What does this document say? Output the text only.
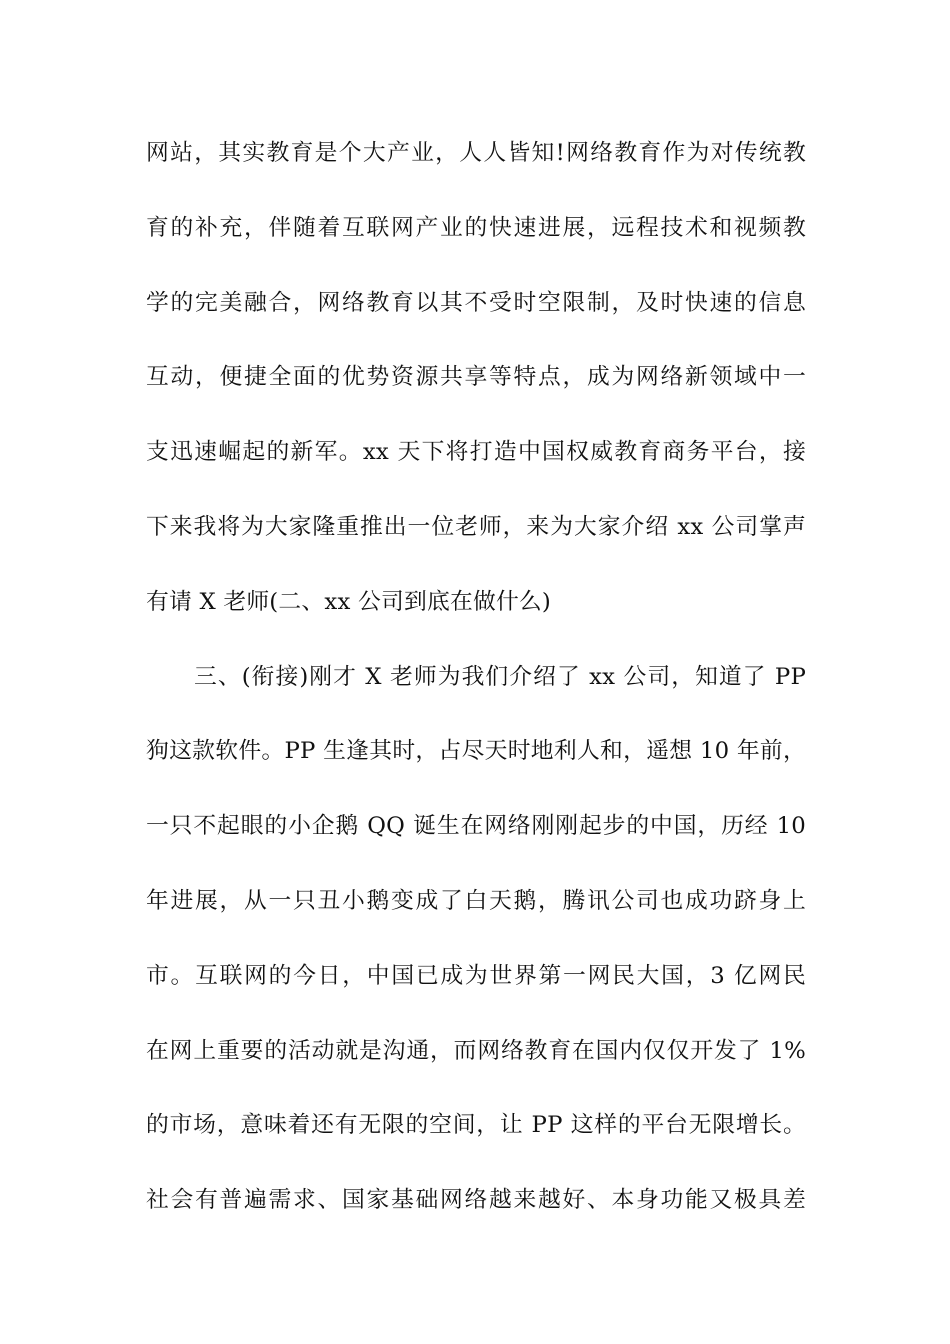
网站，其实教育是个大产业，人人皆知!网络教育作为对传统教
育的补充，伴随着互联网产业的快速进展，远程技术和视频教
学的完美融合，网络教育以其不受时空限制，及时快速的信息
互动，便捷全面的优势资源共享等特点，成为网络新领域中一
支迅速崛起的新军。xx 天下将打造中国权威教育商务平台，接
下来我将为大家隆重推出一位老师，来为大家介绍 xx 公司掌声
有请 X 老师(二、xx 公司到底在做什么)
三、(衔接)刚才 X 老师为我们介绍了 xx 公司，知道了 PP
狗这款软件。PP 生逢其时，占尽天时地利人和，遥想 10 年前，
一只不起眼的小企鹅 QQ 诞生在网络刚刚起步的中国，历经 10
年进展，从一只丑小鹅变成了白天鹅，腾讯公司也成功跻身上
市。互联网的今日，中国已成为世界第一网民大国，3 亿网民
在网上重要的活动就是沟通，而网络教育在国内仅仅开发了 1%
的市场，意味着还有无限的空间，让 PP 这样的平台无限增长。
社会有普遍需求、国家基础网络越来越好、本身功能又极具差
